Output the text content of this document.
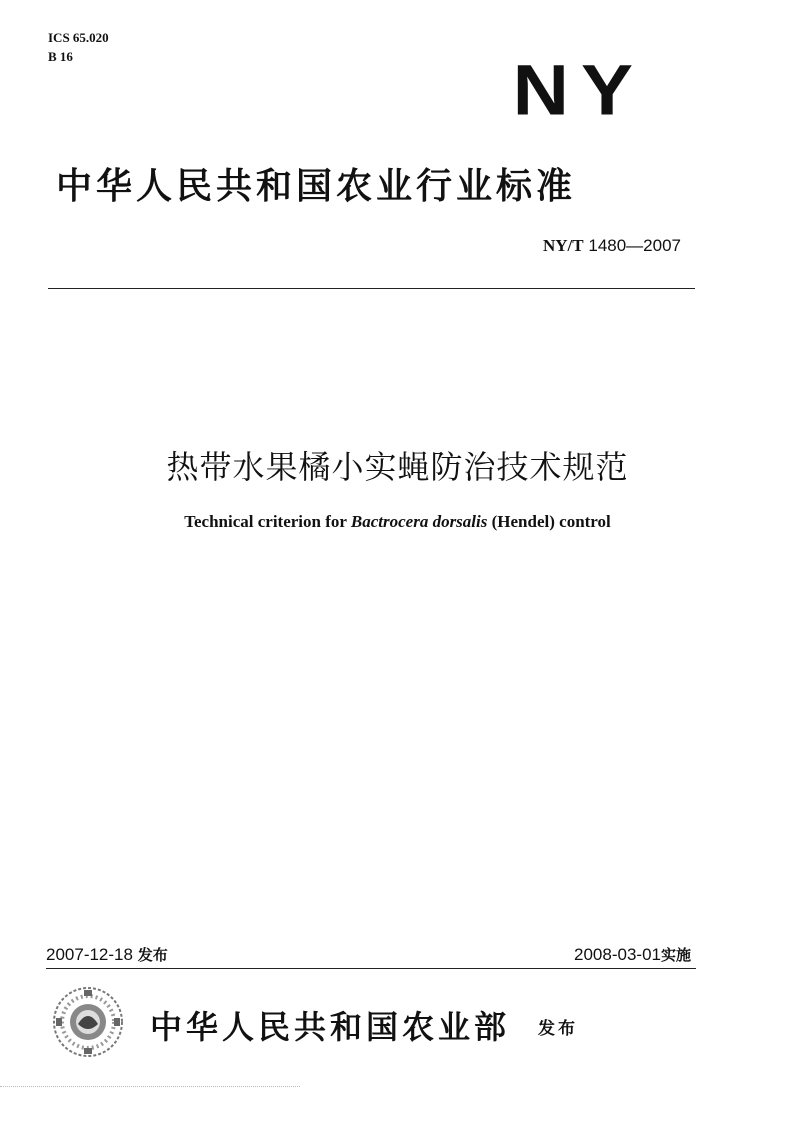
ICS 65.020
B 16	NY
中华人民共和国农业行业标准
NY/T 1480—2007
热带水果橘小实蝇防治技术规范
Technical criterion for Bactrocera dorsalis (Hendel) control
2007-12-18 发布	2008-03-01实施
中华人民共和国农业部 发布
